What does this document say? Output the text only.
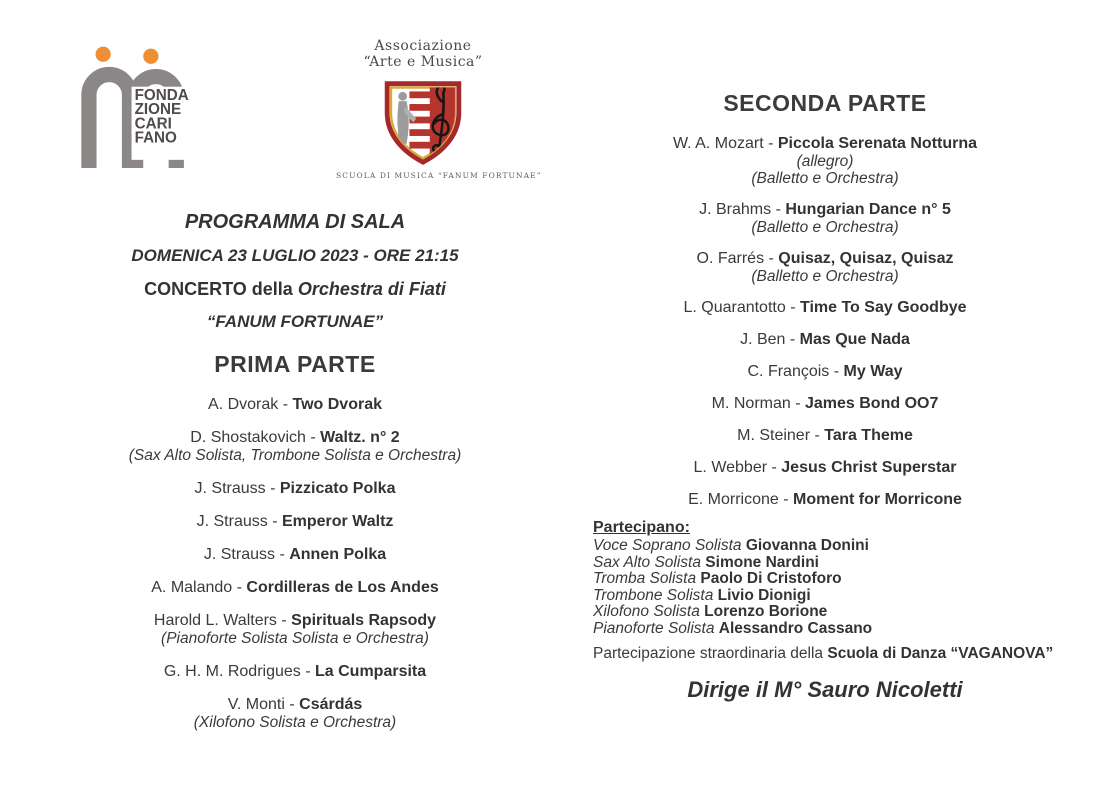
FONDA
ZIONE
CARI
FANO
Associazione
“Arte e Musica”
SCUOLA DI MUSICA “FANUM FORTUNAE”
PROGRAMMA DI SALA
DOMENICA 23 LUGLIO 2023 - ORE 21:15
CONCERTO della Orchestra di Fiati
“FANUM FORTUNAE”
PRIMA PARTE
A. Dvorak - Two Dvorak
D. Shostakovich - Waltz. n° 2
(Sax Alto Solista, Trombone Solista e Orchestra)
J. Strauss - Pizzicato Polka
J. Strauss - Emperor Waltz
J. Strauss - Annen Polka
A. Malando - Cordilleras de Los Andes
Harold L. Walters - Spirituals Rapsody
(Pianoforte Solista Solista e Orchestra)
G. H. M. Rodrigues - La Cumparsita
V. Monti - Csárdás
(Xilofono Solista e Orchestra)
SECONDA PARTE
W. A. Mozart - Piccola Serenata Notturna
(allegro)
(Balletto e Orchestra)
J. Brahms - Hungarian Dance n° 5
(Balletto e Orchestra)
O. Farrés - Quisaz, Quisaz, Quisaz
(Balletto e Orchestra)
L. Quarantotto - Time To Say Goodbye
J. Ben - Mas Que Nada
C. François - My Way
M. Norman - James Bond OO7
M. Steiner - Tara Theme
L. Webber - Jesus Christ Superstar
E. Morricone - Moment for Morricone
Partecipano:
Voce Soprano Solista Giovanna Donini
Sax Alto Solista Simone Nardini
Tromba Solista Paolo Di Cristoforo
Trombone Solista Livio Dionigi
Xilofono Solista Lorenzo Borione
Pianoforte Solista Alessandro Cassano
Partecipazione straordinaria della Scuola di Danza “VAGANOVA”
Dirige il M° Sauro Nicoletti
